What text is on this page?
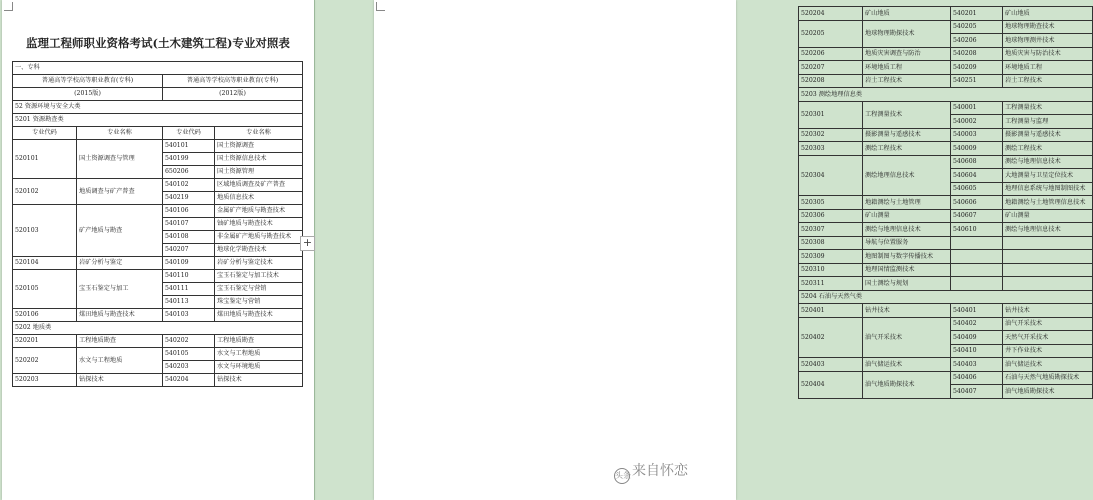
监理工程师职业资格考试(土木建筑工程)专业对照表
一、专科			
普通高等学校高等职业教育(专科)		普通高等学校高等职业教育(专科)	
(2015版)		(2012版)	
52 资源环境与安全大类			
5201 资源勘查类			
专业代码	专业名称	专业代码	专业名称
520101	国土资源调查与管理	540101	国土资源调查
		540199	国土资源信息技术
		650206	国土资源管理
520102	地质调查与矿产普查	540102	区域地质调查及矿产普查
		540219	地质信息技术
520103	矿产地质与勘查	540106	金属矿产地质与勘查技术
		540107	铀矿地质与勘查技术
		540108	非金属矿产地质与勘查技术
		540207	地球化学勘查技术
520104	岩矿分析与鉴定	540109	岩矿分析与鉴定技术
520105	宝玉石鉴定与加工	540110	宝玉石鉴定与加工技术
		540111	宝玉石鉴定与营销
		540113	珠宝鉴定与营销
520106	煤田地质与勘查技术	540103	煤田地质与勘查技术
5202 地质类			
520201	工程地质勘查	540202	工程地质勘查
520202	水文与工程地质	540105	水文与工程地质
		540203	水文与环境地质
520203	钻探技术	540204	钻探技术
+
520204	矿山地质	540201	矿山地质
520205	地球物理勘探技术	540205	地球物理勘查技术
		540206	地球物理测井技术
520206	地质灾害调查与防治	540208	地质灾害与防治技术
520207	环境地质工程	540209	环境地质工程
520208	岩土工程技术	540251	岩土工程技术
5203 测绘地理信息类			
520301	工程测量技术	540001	工程测量技术
		540002	工程测量与监理
520302	摄影测量与遥感技术	540003	摄影测量与遥感技术
520303	测绘工程技术	540009	测绘工程技术
520304	测绘地理信息技术	540608	测绘与地理信息技术
		540604	大地测量与卫星定位技术
		540605	地理信息系统与地图制图技术
520305	地籍测绘与土地管理	540606	地籍测绘与土地管理信息技术
520306	矿山测量	540607	矿山测量
520307	测绘与地理信息技术	540610	测绘与地理信息技术
520308	导航与位置服务		
520309	地图制图与数字传播技术		
520310	地理国情监测技术		
520311	国土测绘与规划		
5204 石油与天然气类			
520401	钻井技术	540401	钻井技术
520402	油气开采技术	540402	油气开采技术
		540409	天然气开采技术
		540410	井下作业技术
520403	油气储运技术	540403	油气储运技术
520404	油气地质勘探技术	540406	石油与天然气地质勘探技术
		540407	油气地质勘探技术
头条来自怀恋
